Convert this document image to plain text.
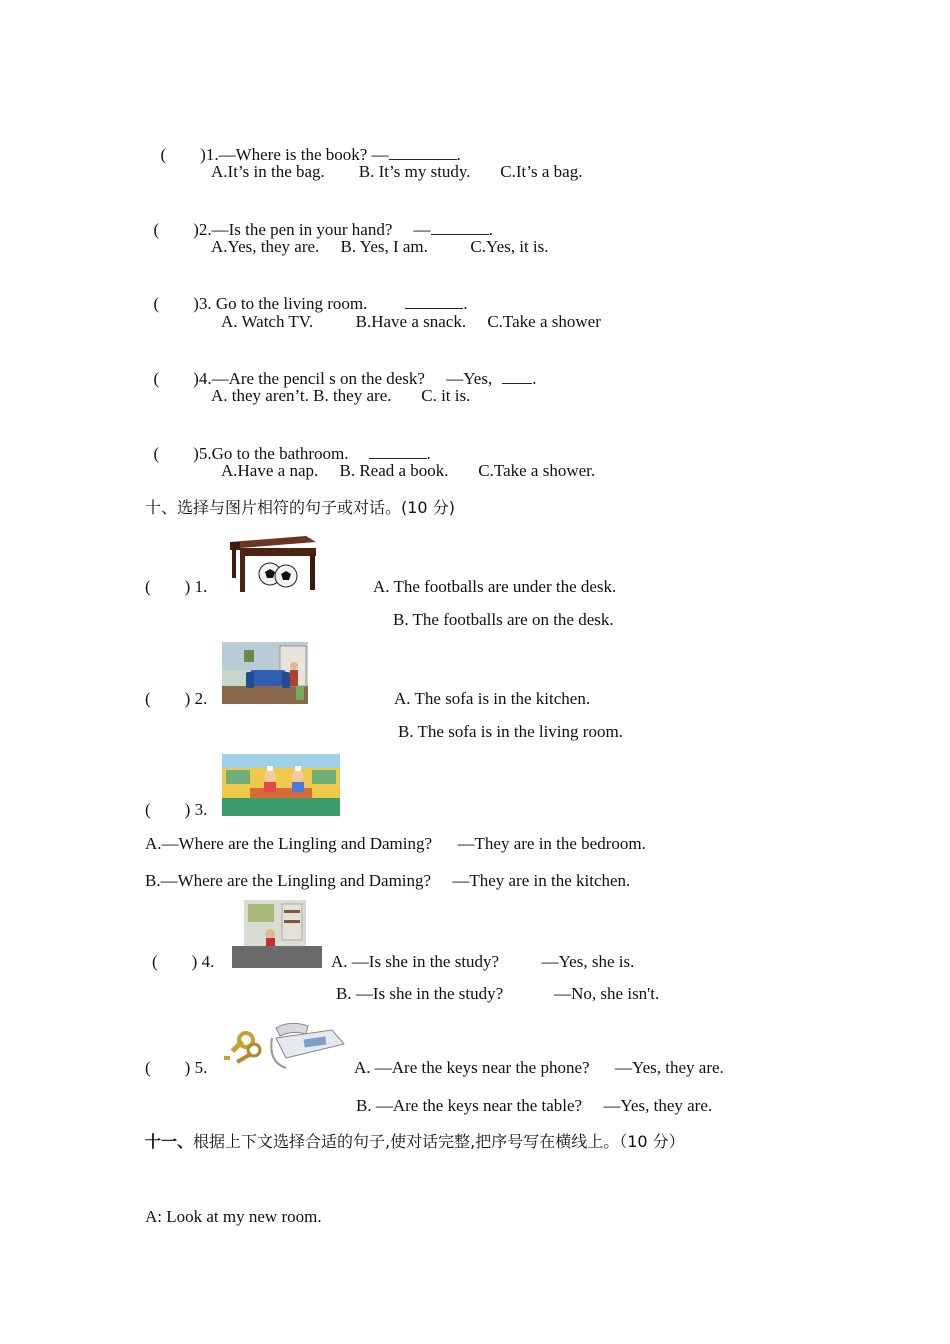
(        )1.—Where is the book? —	.

A.It’s in the bag.        B. It’s my study.       C.It’s a bag.

(        )2.—Is the pen in your hand?     —	.

A.Yes, they are.     B. Yes, I am.          C.Yes, it is.

(        )3. Go to the living room.	.

A. Watch TV.          B.Have a snack.     C.Take a shower

(        )4.—Are the pencil s on the desk?     —Yes, .

A. they aren’t. B. they are.       C. it is.

(        )5.Go to the bathroom.	.

A.Have a nap.     B. Read a book.       C.Take a shower.
十、选择与图片相符的句子或对话。(10 分)
(        ) 1.	A. The footballs are under the desk.
B. The footballs are on the desk.
(        ) 2.	A. The sofa is in the kitchen.
B. The sofa is in the living room.
(        ) 3.
A.—Where are the Lingling and Daming?      —They are in the bedroom.
B.—Where are the Lingling and Daming?     —They are in the kitchen.
(        ) 4.	A. —Is she in the study?          —Yes, she is.
B. —Is she in the study?            —No, she isn't.
(        ) 5.	A. —Are the keys near the phone?      —Yes, they are.
B. —Are the keys near the table?     —Yes, they are.
十一、根据上下文选择合适的句子,使对话完整,把序号写在横线上。（10 分）
A: Look at my new room.
